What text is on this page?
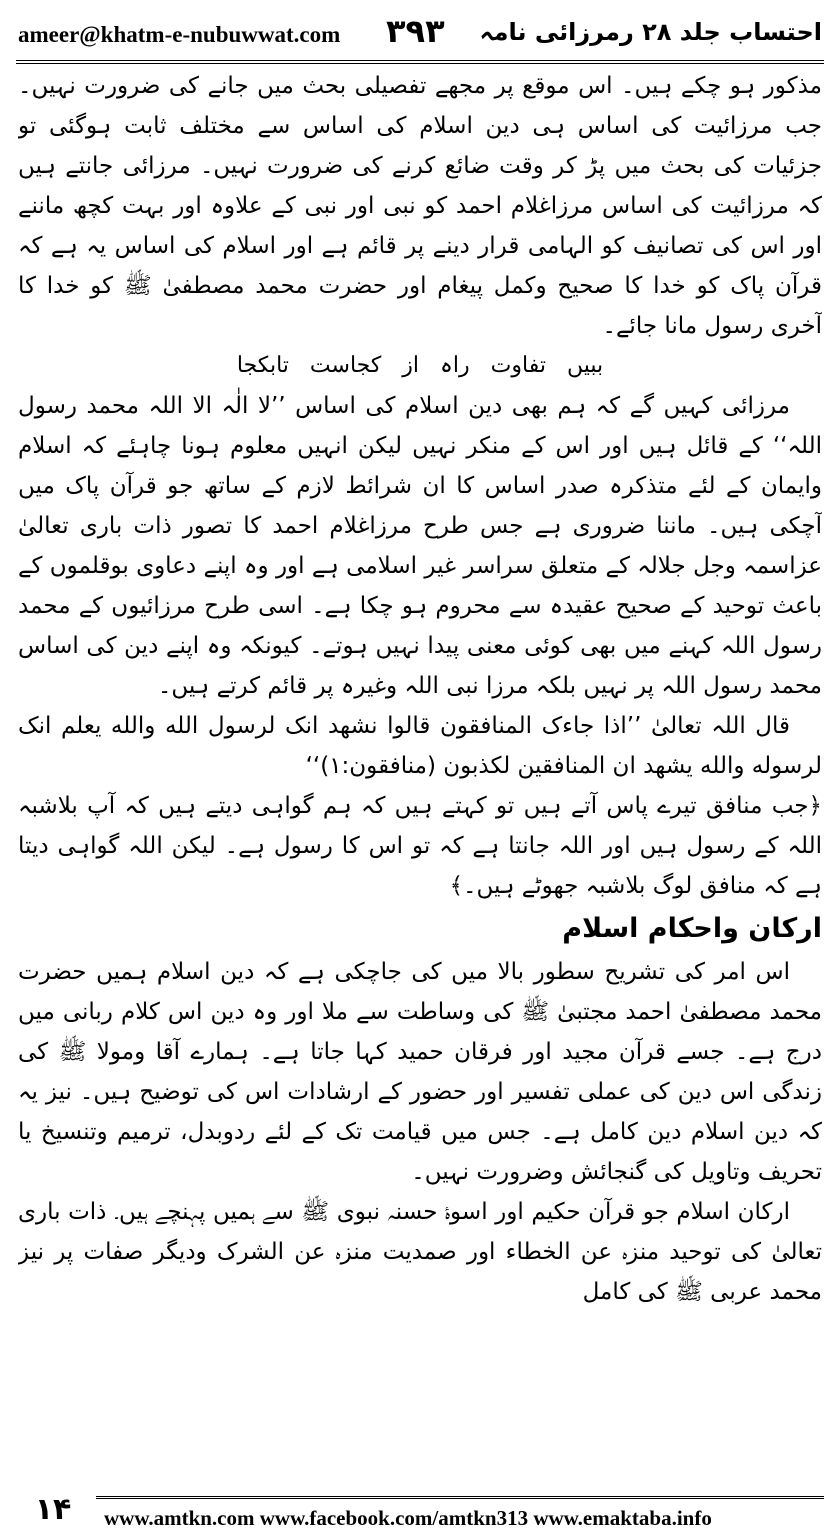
ameer@khatm-e-nubuwwat.com ۳۹۳ احتساب جلد ۲۸ رمرزائی نامہ

مذکور ہو چکے ہیں۔ اس موقع پر مجھے تفصیلی بحث میں جانے کی ضرورت نہیں۔ جب مرزائیت کی اساس ہی دین اسلام کی اساس سے مختلف ثابت ہوگئی تو جزئیات کی بحث میں پڑ کر وقت ضائع کرنے کی ضرورت نہیں۔ مرزائی جانتے ہیں کہ مرزائیت کی اساس مرزاغلام احمد کو نبی اور نبی کے علاوہ اور بہت کچھ ماننے اور اس کی تصانیف کو الہامی قرار دینے پر قائم ہے اور اسلام کی اساس یہ ہے کہ قرآن پاک کو خدا کا صحیح وکمل پیغام اور حضرت محمد مصطفیٰ ﷺ کو خدا کا آخری رسول مانا جائے۔

ببیں تفاوت راہ از کجاست تابکجا

مرزائی کہیں گے کہ ہم بھی دین اسلام کی اساس ’’لا الٰہ الا اللہ محمد رسول اللہ‘‘ کے قائل ہیں اور اس کے منکر نہیں لیکن انہیں معلوم ہونا چاہئے کہ اسلام وایمان کے لئے متذکرہ صدر اساس کا ان شرائط لازم کے ساتھ جو قرآن پاک میں آچکی ہیں۔ ماننا ضروری ہے جس طرح مرزاغلام احمد کا تصور ذات باری تعالیٰ عزاسمہ وجل جلالہ کے متعلق سراسر غیر اسلامی ہے اور وہ اپنے دعاوی بوقلموں کے باعث توحید کے صحیح عقیدہ سے محروم ہو چکا ہے۔ اسی طرح مرزائیوں کے محمد رسول اللہ کہنے میں بھی کوئی معنی پیدا نہیں ہوتے۔ کیونکہ وہ اپنے دین کی اساس محمد رسول اللہ پر نہیں بلکہ مرزا نبی اللہ وغیرہ پر قائم کرتے ہیں۔

قال اللہ تعالیٰ ’’اذا جاءک المنافقون قالوا نشهد انک لرسول الله والله یعلم انک لرسوله والله یشهد ان المنافقین لکذبون (منافقون:۱)‘‘

﴿جب منافق تیرے پاس آتے ہیں تو کہتے ہیں کہ ہم گواہی دیتے ہیں کہ آپ بلاشبہ اللہ کے رسول ہیں اور اللہ جانتا ہے کہ تو اس کا رسول ہے۔ لیکن اللہ گواہی دیتا ہے کہ منافق لوگ بلاشبہ جھوٹے ہیں۔﴾

ارکان واحکام اسلام

اس امر کی تشریح سطور بالا میں کی جاچکی ہے کہ دین اسلام ہمیں حضرت محمد مصطفیٰ احمد مجتبیٰ ﷺ کی وساطت سے ملا اور وہ دین اس کلام ربانی میں درج ہے۔ جسے قرآن مجید اور فرقان حمید کہا جاتا ہے۔ ہمارے آقا ومولا ﷺ کی زندگی اس دین کی عملی تفسیر اور حضور کے ارشادات اس کی توضیح ہیں۔ نیز یہ کہ دین اسلام دین کامل ہے۔ جس میں قیامت تک کے لئے ردوبدل، ترمیم وتنسیخ یا تحریف وتاویل کی گنجائش وضرورت نہیں۔

ارکان اسلام جو قرآن حکیم اور اسوۂ حسنہ نبوی ﷺ سے ہمیں پہنچے ہیں۔ ذات باری تعالیٰ کی توحید منزہ عن الخطاء اور صمدیت منزہ عن الشرک ودیگر صفات پر نیز محمد عربی ﷺ کی کامل

۱۴	www.amtkn.com www.facebook.com/amtkn313 www.emaktaba.info
